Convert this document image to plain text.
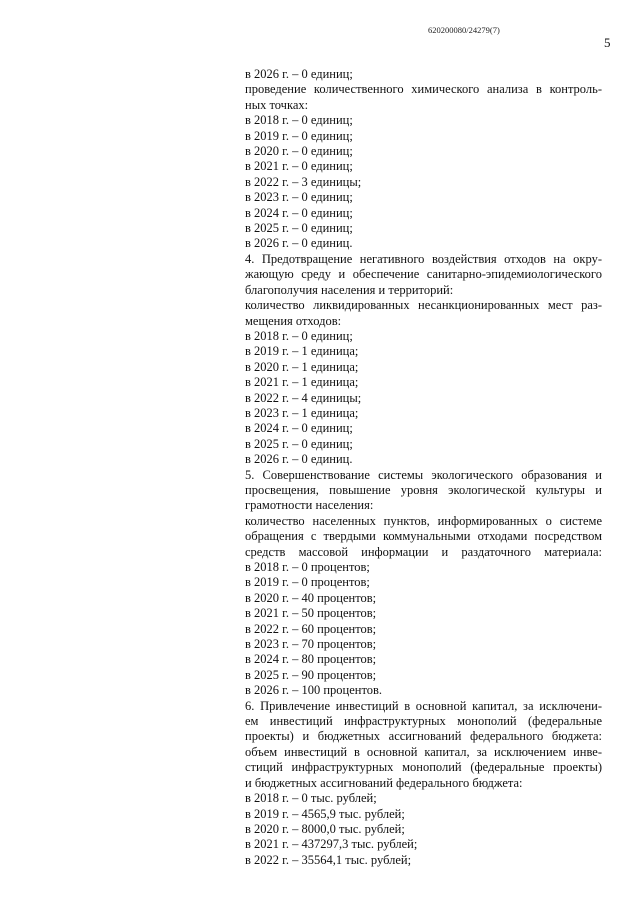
620200080/24279(7)
5
в 2026 г. – 0 единиц;
проведение количественного химического анализа в контроль-
ных точках:
в 2018 г. – 0 единиц;
в 2019 г. – 0 единиц;
в 2020 г. – 0 единиц;
в 2021 г. – 0 единиц;
в 2022 г. – 3 единицы;
в 2023 г. – 0 единиц;
в 2024 г. – 0 единиц;
в 2025 г. – 0 единиц;
в 2026 г. – 0 единиц.
4. Предотвращение негативного воздействия отходов на окру-
жающую среду и обеспечение санитарно-эпидемиологического
благополучия населения и территорий:
количество ликвидированных несанкционированных мест раз-
мещения отходов:
в 2018 г. – 0 единиц;
в 2019 г. – 1 единица;
в 2020 г. – 1 единица;
в 2021 г. – 1 единица;
в 2022 г. – 4 единицы;
в 2023 г. – 1 единица;
в 2024 г. – 0 единиц;
в 2025 г. – 0 единиц;
в 2026 г. – 0 единиц.
5. Совершенствование системы экологического образования и
просвещения, повышение уровня экологической культуры и
грамотности населения:
количество населенных пунктов, информированных о системе
обращения с твердыми коммунальными отходами посредством
средств массовой информации и раздаточного материала:
в 2018 г. – 0 процентов;
в 2019 г. – 0 процентов;
в 2020 г. – 40 процентов;
в 2021 г. – 50 процентов;
в 2022 г. – 60 процентов;
в 2023 г. – 70 процентов;
в 2024 г. – 80 процентов;
в 2025 г. – 90 процентов;
в 2026 г. – 100 процентов.
6. Привлечение инвестиций в основной капитал, за исключени-
ем инвестиций инфраструктурных монополий (федеральные
проекты) и бюджетных ассигнований федерального бюджета:
объем инвестиций в основной капитал, за исключением инве-
стиций инфраструктурных монополий (федеральные проекты)
и бюджетных ассигнований федерального бюджета:
в 2018 г. – 0 тыс. рублей;
в 2019 г. – 4565,9 тыс. рублей;
в 2020 г. – 8000,0 тыс. рублей;
в 2021 г. – 437297,3 тыс. рублей;
в 2022 г. – 35564,1 тыс. рублей;
